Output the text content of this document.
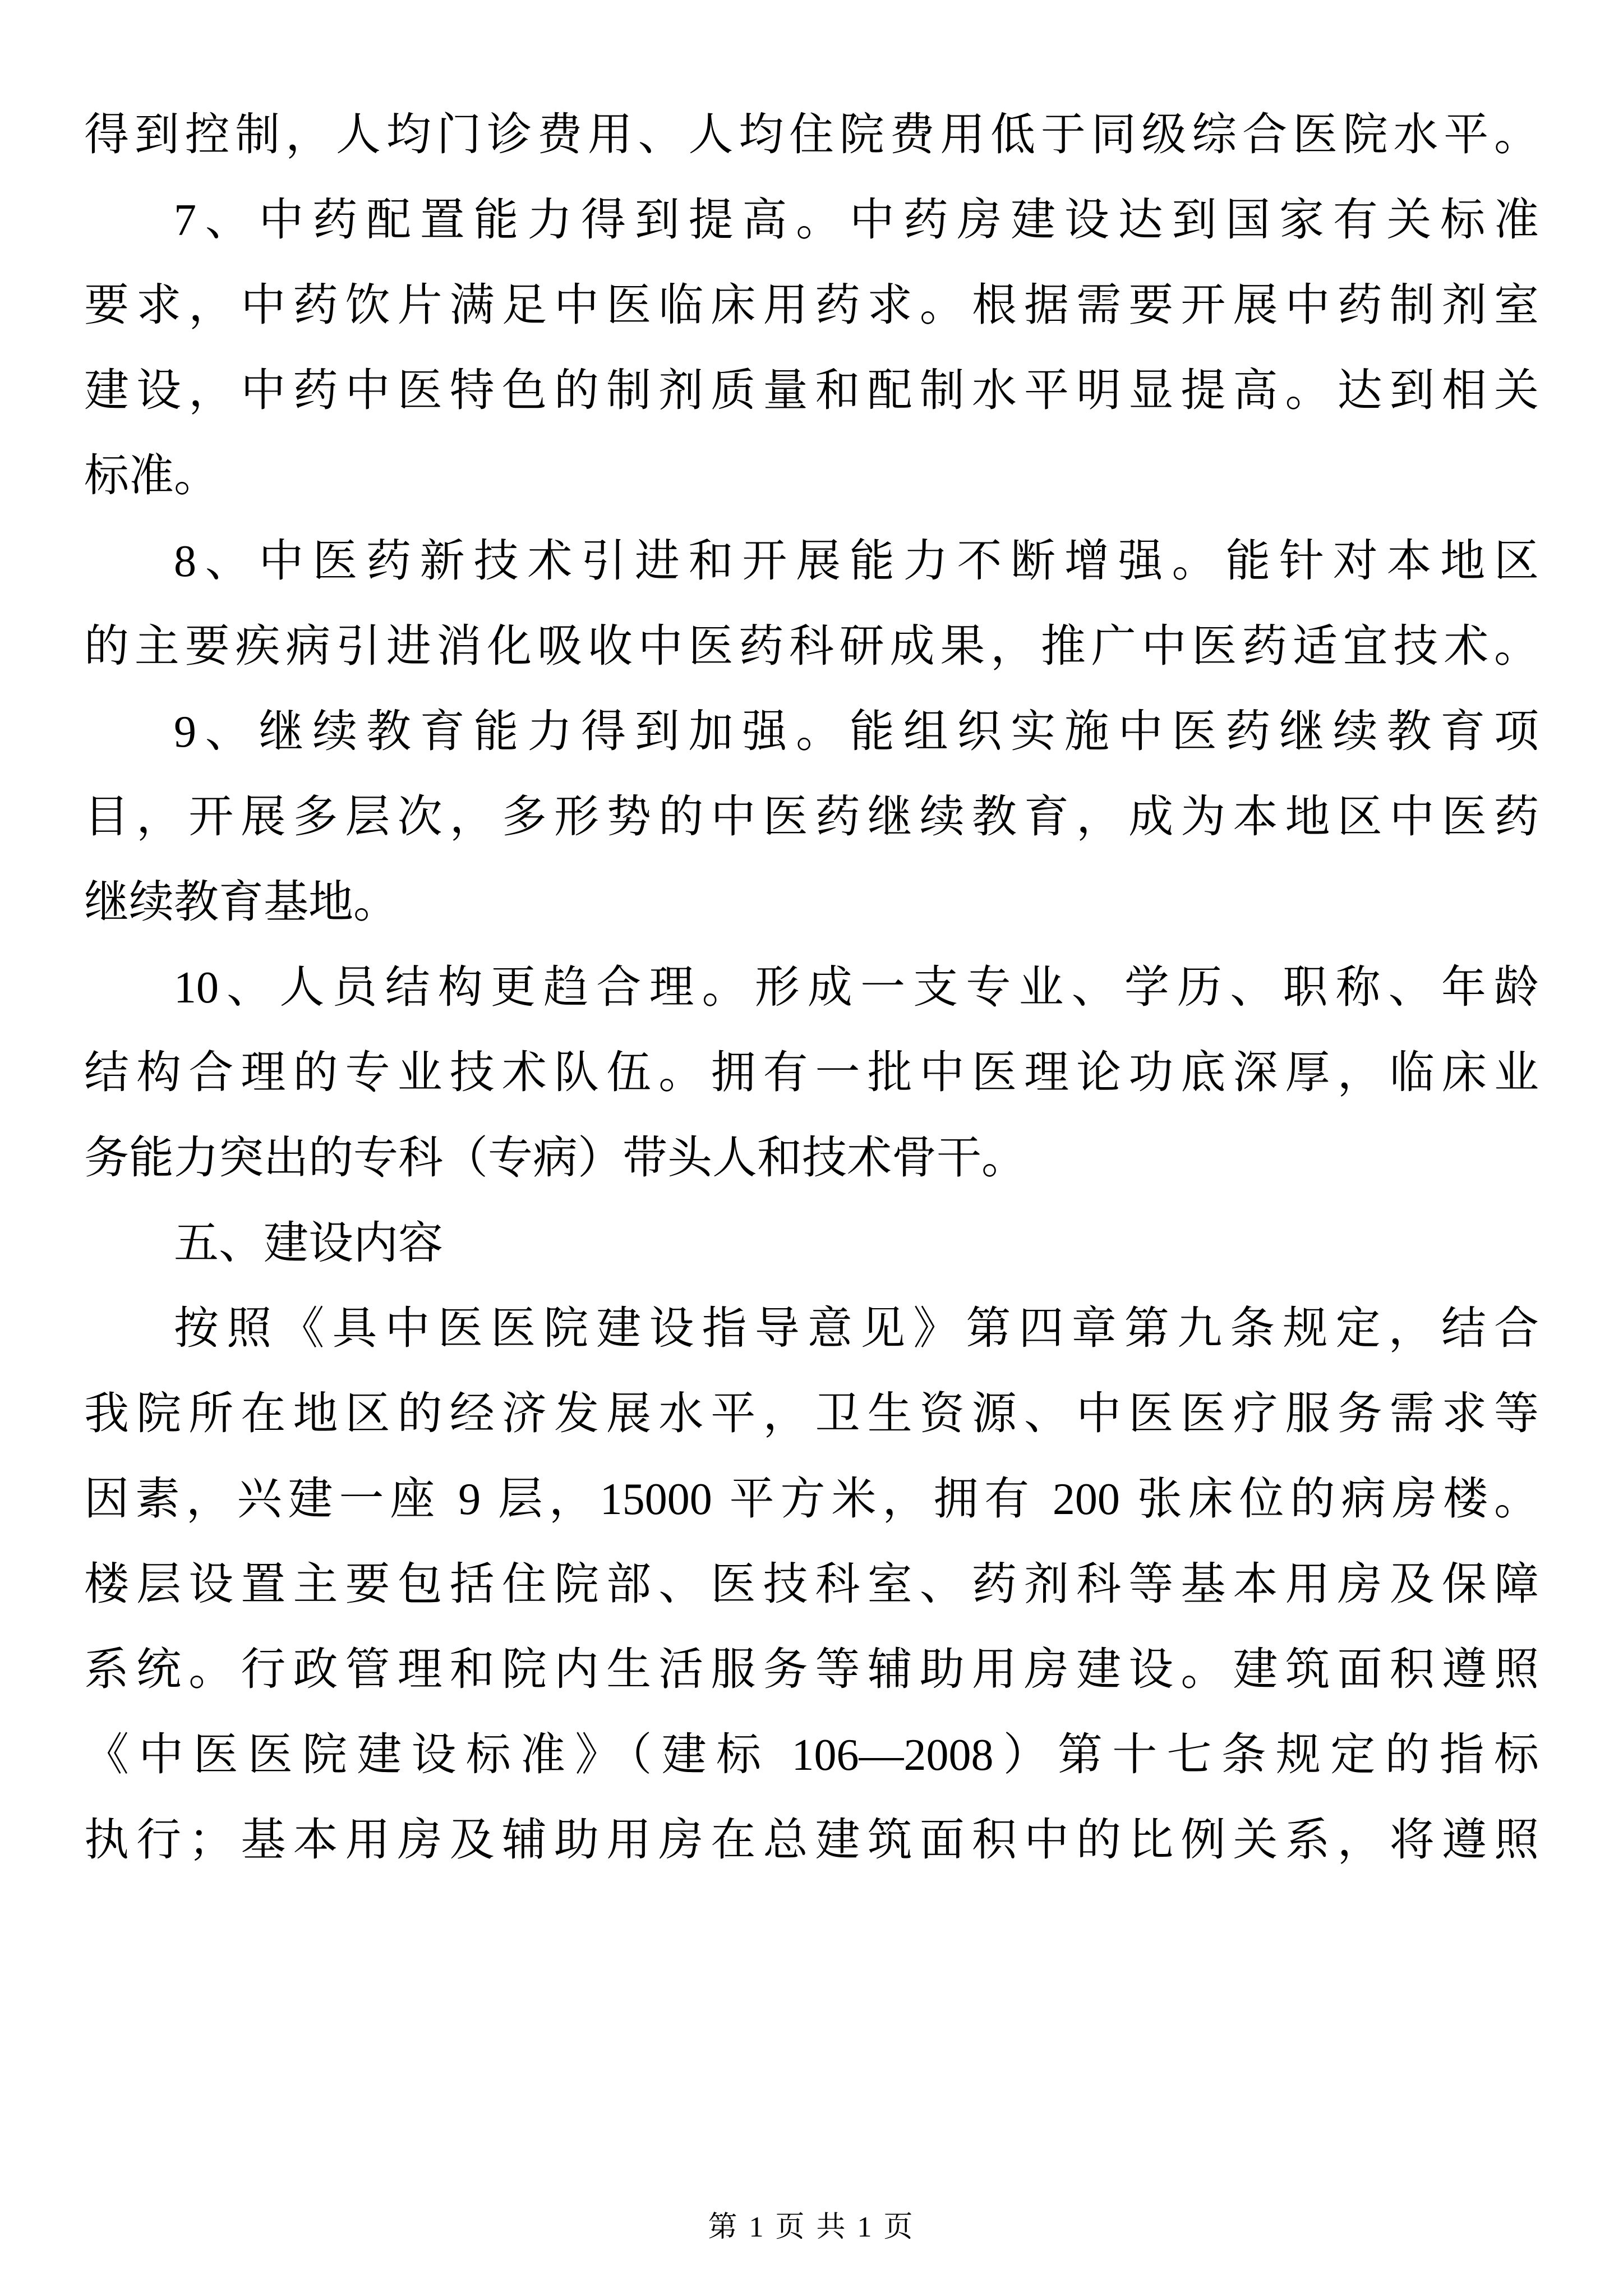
得到控制，人均门诊费用、人均住院费用低于同级综合医院水平。
7、中药配置能力得到提高。中药房建设达到国家有关标准
要求，中药饮片满足中医临床用药求。根据需要开展中药制剂室
建设，中药中医特色的制剂质量和配制水平明显提高。达到相关
标准。
8、中医药新技术引进和开展能力不断增强。能针对本地区
的主要疾病引进消化吸收中医药科研成果，推广中医药适宜技术。
9、继续教育能力得到加强。能组织实施中医药继续教育项
目，开展多层次，多形势的中医药继续教育，成为本地区中医药
继续教育基地。
10、人员结构更趋合理。形成一支专业、学历、职称、年龄
结构合理的专业技术队伍。拥有一批中医理论功底深厚，临床业
务能力突出的专科（专病）带头人和技术骨干。
五、建设内容
按照《具中医医院建设指导意见》第四章第九条规定，结合
我院所在地区的经济发展水平，卫生资源、中医医疗服务需求等
因素，兴建一座 9 层，15000 平方米，拥有 200 张床位的病房楼。
楼层设置主要包括住院部、医技科室、药剂科等基本用房及保障
系统。行政管理和院内生活服务等辅助用房建设。建筑面积遵照
《中医医院建设标准》（建标 106—2008）第十七条规定的指标
执行；基本用房及辅助用房在总建筑面积中的比例关系，将遵照
第 1 页 共 1 页
